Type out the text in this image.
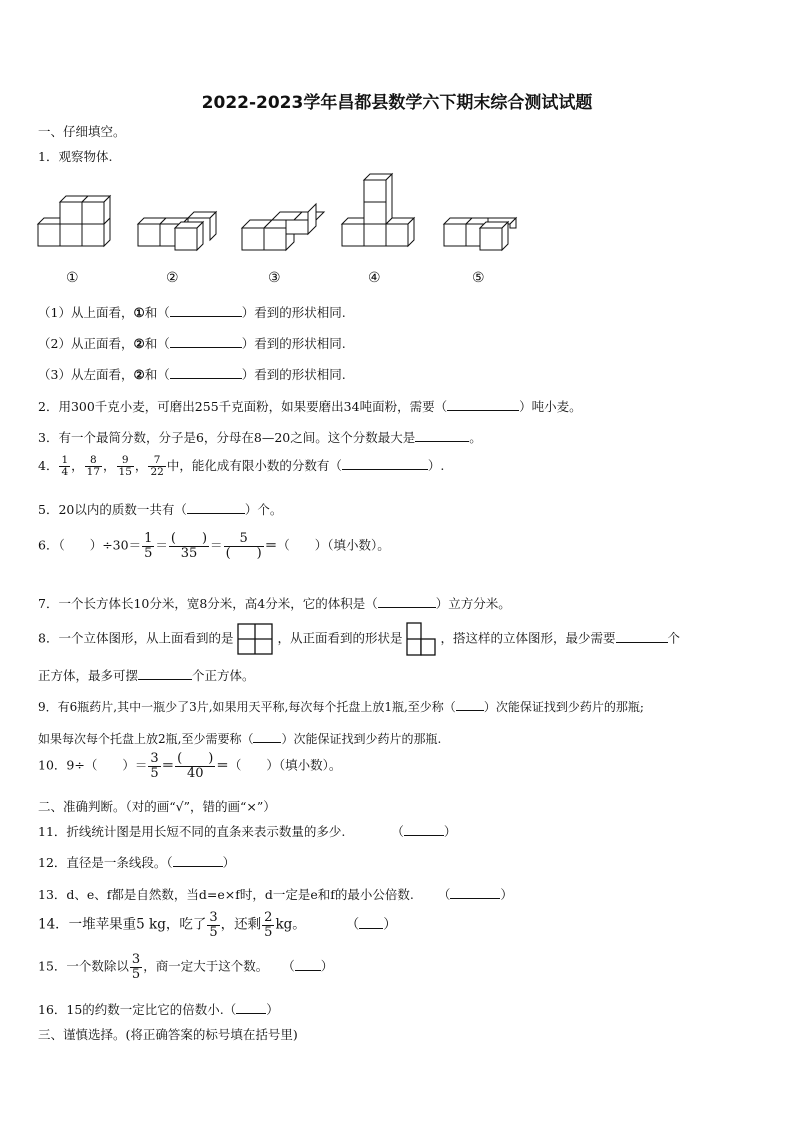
2022-2023学年昌都县数学六下期末综合测试试题
一、仔细填空。
1．观察物体.
①	②	③	④	⑤
（1）从上面看，①和（	）看到的形状相同.
（2）从正面看，②和（	）看到的形状相同.
（3）从左面看，②和（	）看到的形状相同.
2．用300千克小麦，可磨出255千克面粉，如果要磨出34吨面粉，需要（	）吨小麦。
3．有一个最简分数，分子是6，分母在8—20之间。这个分数最大是	。
4． $\frac{1}{4}$ ， $\frac{8}{17}$ ， $\frac{9}{15}$ ， $\frac{7}{22}$ 中，能化成有限小数的分数有（	）.
5．20以内的质数一共有（	）个。
6．（　　）$\div 30= \frac{1}{5} = \frac{( )}{35} = \frac{5}{( )}$ ＝（　　）（填小数）。
7．一个长方体长10分米，宽8分米，高4分米，它的体积是（	）立方分米。
8．一个立体图形，从上面看到的是	，从正面看到的形状是	，搭这样的立体图形，最少需要	个
正方体，最多可摆	个正方体。
9．有6瓶药片,其中一瓶少了3片,如果用天平称,每次每个托盘上放1瓶,至少称（ ）次能保证找到少药片的那瓶;
如果每次每个托盘上放2瓶,至少需要称（ ）次能保证找到少药片的那瓶.
10．9÷（　　）＝ $\frac{3}{5} = \frac{( )}{40}$ ＝（　　）（填小数）。
二、准确判断。（对的画“√”，错的画“×”）
11．折线统计图是用长短不同的直条来表示数量的多少.	（	）
12．直径是一条线段。（	）
13．d、e、f都是自然数，当d=e×f时，d一定是e和f的最小公倍数. （	）
14．一堆苹果重5 kg，吃了 $\frac{3}{5}$ ，还剩 $\frac{2}{5}$ kg。	（ ）
15．一个数除以 $\frac{3}{5}$ ，商一定大于这个数。 （ ）
16．15的约数一定比它的倍数小.（ ）
三、谨慎选择。(将正确答案的标号填在括号里)
